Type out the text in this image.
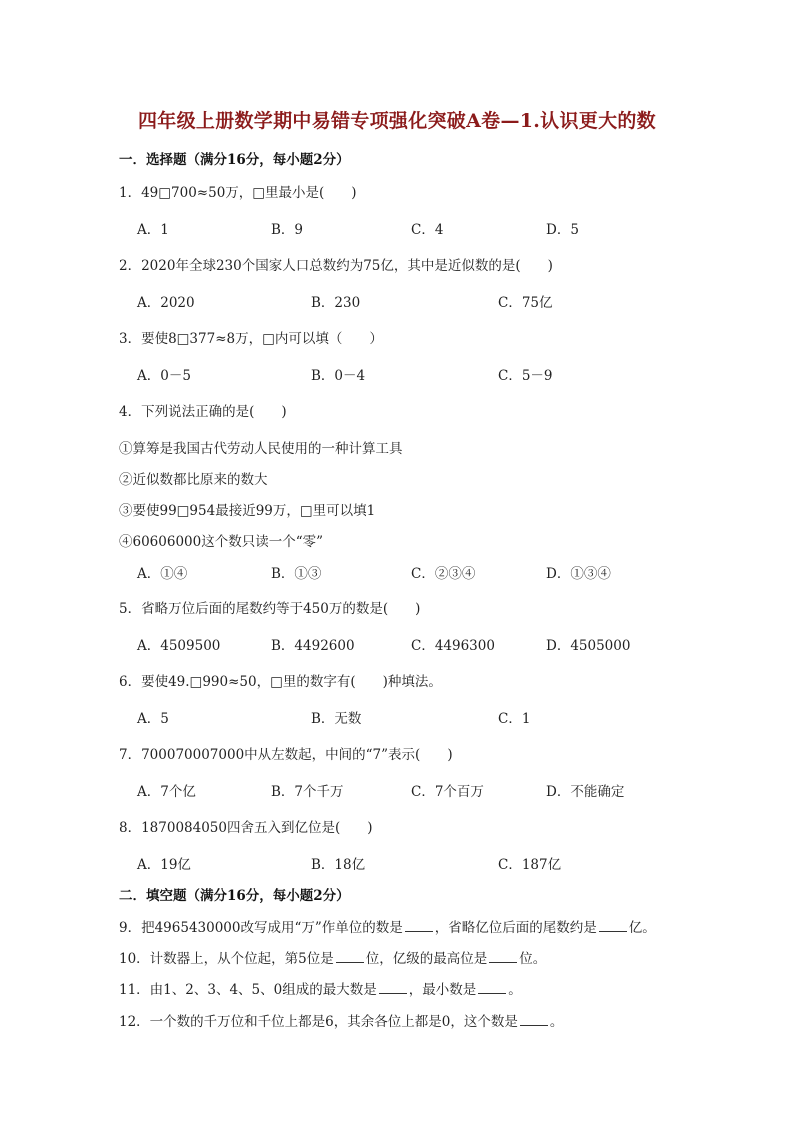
四年级上册数学期中易错专项强化突破A卷—1.认识更大的数
一．选择题（满分16分，每小题2分）
1．49□700≈50万，□里最小是(　　)
A．1	B．9	C．4	D．5
2．2020年全球230个国家人口总数约为75亿，其中是近似数的是(　　)
A．2020	B．230	C．75亿
3．要使8□377≈8万，□内可以填（　　）
A．0－5	B．0－4	C．5－9
4．下列说法正确的是(　　)
①算筹是我国古代劳动人民使用的一种计算工具
②近似数都比原来的数大
③要使99□954最接近99万，□里可以填1
④60606000这个数只读一个“零”
A．①④	B．①③	C．②③④	D．①③④
5．省略万位后面的尾数约等于450万的数是(　　)
A．4509500	B．4492600	C．4496300	D．4505000
6．要使49.□990≈50，□里的数字有(　　)种填法。
A．5	B．无数	C．1
7．700070007000中从左数起，中间的“7”表示(　　)
A．7个亿	B．7个千万	C．7个百万	D．不能确定
8．1870084050四舍五入到亿位是(　　)
A．19亿	B．18亿	C．187亿
二．填空题（满分16分，每小题2分）
9．把4965430000改写成用“万”作单位的数是 ，省略亿位后面的尾数约是 亿。
10．计数器上，从个位起，第5位是 位，亿级的最高位是 位。
11．由1、2、3、4、5、0组成的最大数是 ，最小数是 。
12．一个数的千万位和千位上都是6，其余各位上都是0，这个数是 。
